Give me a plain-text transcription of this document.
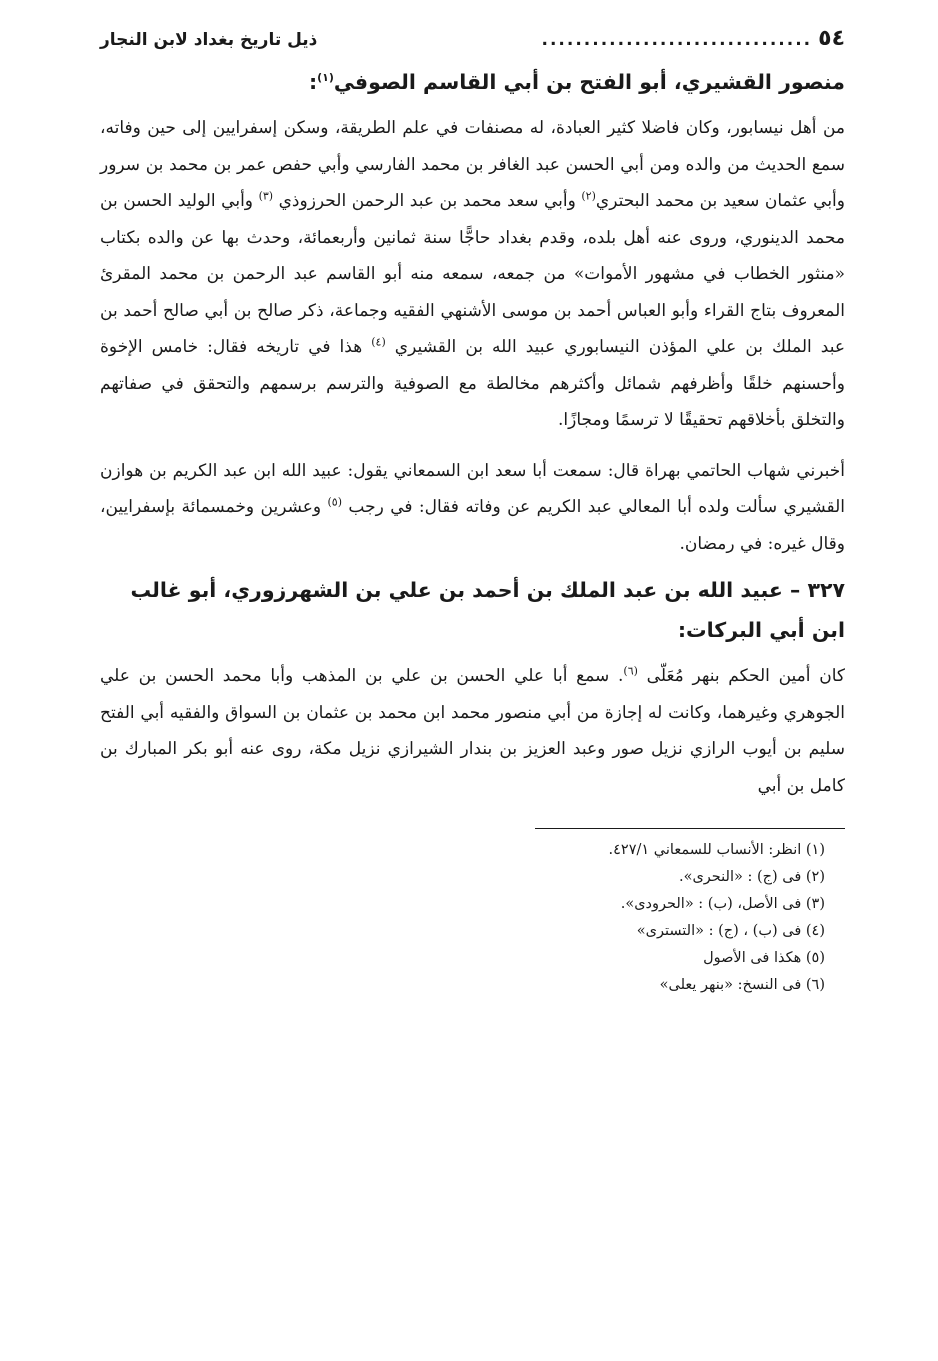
٥٤
................................
ذيل تاريخ بغداد لابن النجار
منصور القشيري، أبو الفتح بن أبي القاسم الصوفي$^{(١)}$:

من أهل نيسابور، وكان فاضلا كثير العبادة، له مصنفات في علم الطريقة، وسكن إسفرايين إلى حين وفاته، سمع الحديث من والده ومن أبي الحسن عبد الغافر بن محمد الفارسي وأبي حفص عمر بن محمد بن سرور وأبي عثمان سعيد بن محمد البحتري$^{(٢)}$ وأبي سعد محمد بن عبد الرحمن الحرزوذي $^{(٣)}$ وأبي الوليد الحسن بن محمد الدينوري، وروى عنه أهل بلده، وقدم بغداد حاجًّا سنة ثمانين وأربعمائة، وحدث بها عن والده بكتاب «منثور الخطاب في مشهور الأموات» من جمعه، سمعه منه أبو القاسم عبد الرحمن بن محمد المقرئ المعروف بتاج القراء وأبو العباس أحمد بن موسى الأشنهي الفقيه وجماعة، ذكر صالح بن أبي صالح أحمد بن عبد الملك بن علي المؤذن النيسابوري عبيد الله بن القشيري $^{(٤)}$ هذا في تاريخه فقال: خامس الإخوة وأحسنهم خلقًا وأظرفهم شمائل وأكثرهم مخالطة مع الصوفية والترسم برسمهم والتحقق في صفاتهم والتخلق بأخلاقهم تحقيقًا لا ترسمًا ومجازًا.

أخبرني شهاب الحاتمي بهراة قال: سمعت أبا سعد ابن السمعاني يقول: عبيد الله ابن عبد الكريم بن هوازن القشيري سألت ولده أبا المعالي عبد الكريم عن وفاته فقال: في رجب $^{(٥)}$ وعشرين وخمسمائة بإسفرايين، وقال غيره: في رمضان.

٣٢٧ – عبيد الله بن عبد الملك بن أحمد بن علي بن الشهرزوري، أبو غالب ابن أبي البركات:

كان أمين الحكم بنهر مُعَلّى $^{(٦)}$. سمع أبا علي الحسن بن علي بن المذهب وأبا محمد الحسن بن علي الجوهري وغيرهما، وكانت له إجازة من أبي منصور محمد ابن محمد بن عثمان بن السواق والفقيه أبي الفتح سليم بن أيوب الرازي نزيل صور وعبد العزيز بن بندار الشيرازي نزيل مكة، روى عنه أبو بكر المبارك بن كامل بن أبي

(١) انظر: الأنساب للسمعاني ٤٢٧/١.
(٢) فى (ج) : «النحرى».
(٣) فى الأصل، (ب) : «الحرودى».
(٤) فى (ب) ، (ج) : «التسترى»
(٥) هكذا فى الأصول
(٦) فى النسخ: «بنهر يعلى»
